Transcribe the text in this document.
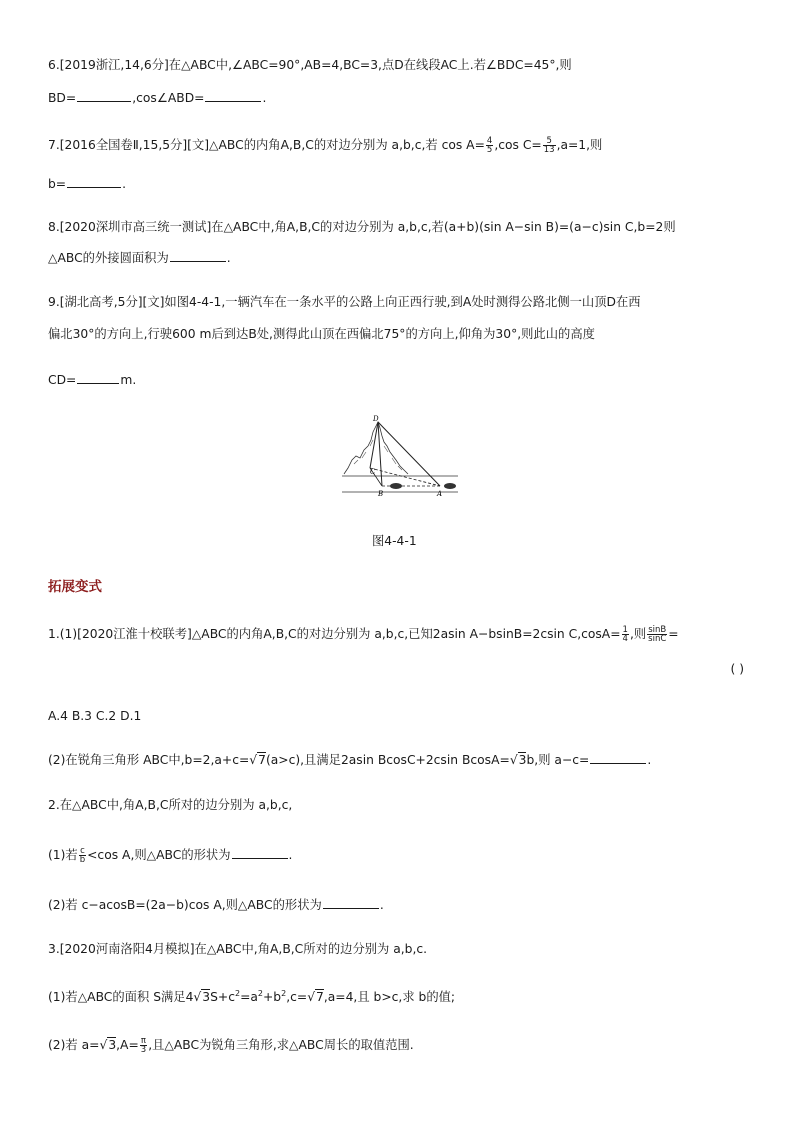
6.[2019浙江,14,6分]在△ABC中,∠ABC=90°,AB=4,BC=3,点D在线段AC上.若∠BDC=45°,则
BD=	,cos∠ABD=	.
7.[2016全国卷Ⅱ,15,5分][文]△ABC的内角A,B,C的对边分别为 a,b,c,若 $\cos A= \frac{4}{5} ,\cos$ $C= \frac{5}{13} ,a=1$,则
b=	.
8.[2020深圳市高三统一测试]在△ABC中,角A,B,C的对边分别为 a,b,c,若(a+b)(sin A−sin B)=(a−c)sin C,b=2则
△ABC的外接圆面积为	.
9.[湖北高考,5分][文]如图4-4-1,一辆汽车在一条水平的公路上向正西行驶,到A处时测得公路北侧一山顶D在西
偏北30°的方向上,行驶600 m后到达B处,测得此山顶在西偏北75°的方向上,仰角为30°,则此山的高度
CD=	m.
D
C
B	A
图4-4-1
拓展变式
1.(1)[2020江淮十校联考]△ABC的内角A,B,C的对边分别为 a,b,c,已知2asin A−bsinB=2csin $C,\cos A= \frac{1}{4}$ ,则 $\frac{\sin B}{\sin C}$ =
( )
A.4 B.3 C.2 D.1
(2)在锐角三角形 ABC中,b=2,a+c=√7(a>c),且满足2asin BcosC+2csin BcosA=√3b,则 a−c=	.
2.在△ABC中,角A,B,C所对的边分别为 a,b,c,
(1)若 $\frac{c}{b} <\cos$ A,则△ABC的形状为	.
(2)若 c−acosB=(2a−b)cos A,则△ABC的形状为	.
3.[2020河南洛阳4月模拟]在△ABC中,角A,B,C所对的边分别为 a,b,c.
(1)若△ABC的面积 S满足$4√3S+c^2=a^2+b^2,c=√7,a=4$,且 b>c,求 b的值;
(2)若 $a=√3,A= \frac{\pi}{3}$ ,且△ABC为锐角三角形,求△ABC周长的取值范围.
